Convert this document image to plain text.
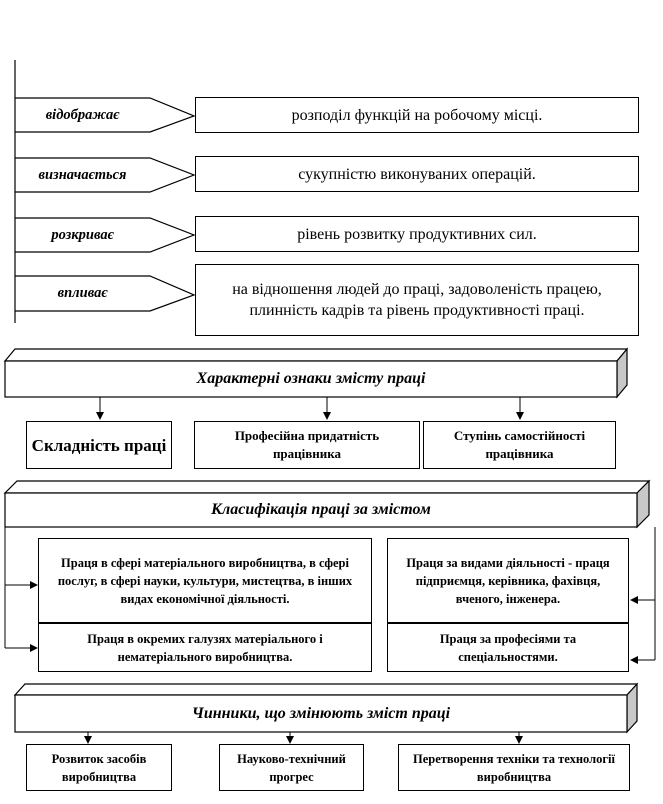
відображає
визначається
розкриває
впливає
розподіл функцій на робочому місці.
сукупністю виконуваних операцій.
рівень розвитку продуктивних сил.
на відношення людей до праці, задоволеність працею, плинність кадрів та рівень продуктивності праці.
Характерні ознаки змісту праці
Складність праці	Професійна придатність працівника
Ступінь самостійності працівника
Класифікація праці за змістом
Праця в сфері матеріального виробництва, в сфері послуг, в сфері науки, культури, мистецтва, в інших видах економічної діяльності.
Праця в окремих галузях матеріального і нематеріального виробництва.
Праця за видами діяльності - праця підприємця, керівника, фахівця, вченого, інженера.
Праця за професіями та спеціальностями.
Чинники, що змінюють зміст праці
Розвиток засобів виробництва
Науково-технічний прогрес
Перетворення техніки та технології виробництва
